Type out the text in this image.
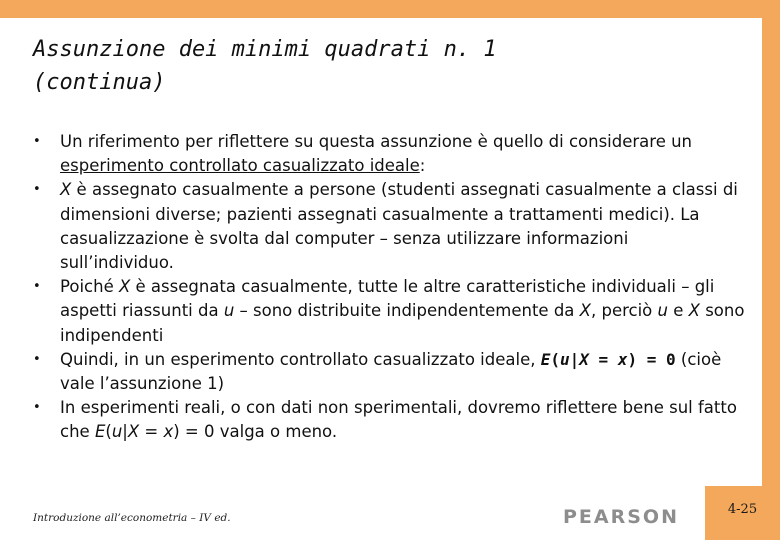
Assunzione dei minimi quadrati n. 1
(continua)
• Un riferimento per riflettere su questa assunzione è quello di considerare un esperimento controllato casualizzato ideale:
• X è assegnato casualmente a persone (studenti assegnati casualmente a classi di dimensioni diverse; pazienti assegnati casualmente a trattamenti medici). La casualizzazione è svolta dal computer – senza utilizzare informazioni sull’individuo.
• Poiché X è assegnata casualmente, tutte le altre caratteristiche individuali – gli aspetti riassunti da u – sono distribuite indipendentemente da X, perciò u e X sono indipendenti
• Quindi, in un esperimento controllato casualizzato ideale, E(u|X = x) = 0 (cioè vale l’assunzione 1)
• In esperimenti reali, o con dati non sperimentali, dovremo riflettere bene sul fatto che E(u|X = x) = 0 valga o meno.
Introduzione all’econometria – IV ed.	PEARSON	4-25
